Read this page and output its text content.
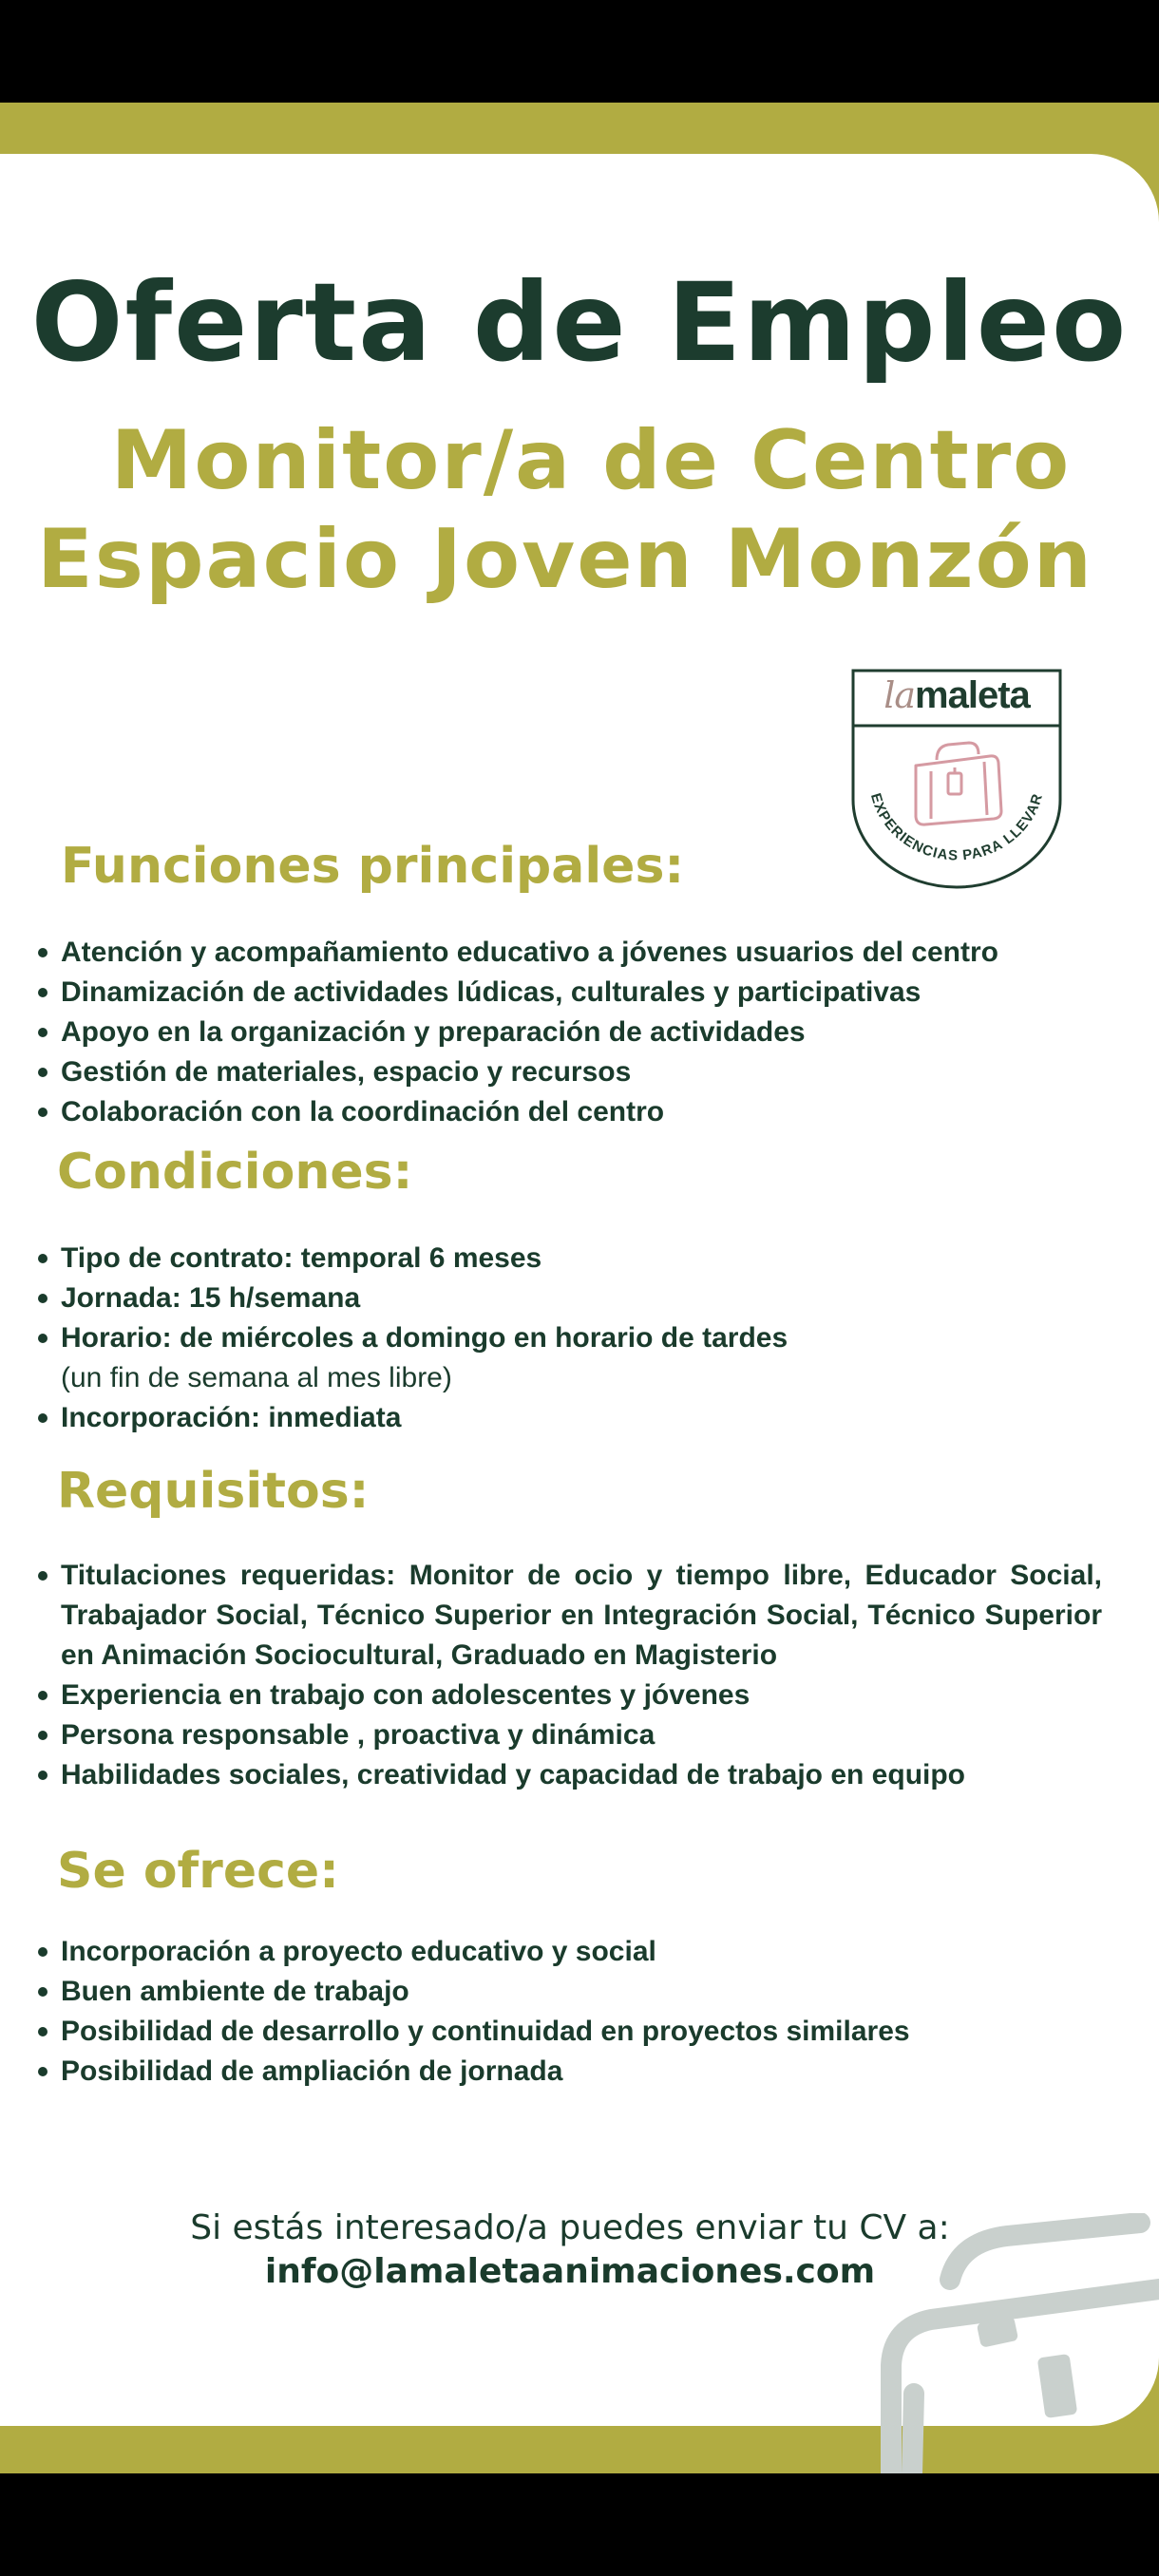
Oferta de Empleo
Monitor/a de Centro
Espacio Joven Monzón
EXPERIENCIAS PARA LLEVAR
lamaleta
Funciones principales:
Atención y acompañamiento educativo a jóvenes usuarios del centro
Dinamización de actividades lúdicas, culturales y participativas
Apoyo en la organización y preparación de actividades
Gestión de materiales, espacio y recursos
Colaboración con la coordinación del centro
Condiciones:
Tipo de contrato: temporal 6 meses
Jornada: 15 h/semana
Horario: de miércoles a domingo en horario de tardes
(un fin de semana al mes libre)
Incorporación: inmediata
Requisitos:
Titulaciones requeridas: Monitor de ocio y tiempo libre, Educador Social, Trabajador Social, Técnico Superior en Integración Social, Técnico Superior en Animación Sociocultural, Graduado en Magisterio
Experiencia en trabajo con adolescentes y jóvenes
Persona responsable , proactiva y dinámica
Habilidades sociales, creatividad y capacidad de trabajo en equipo
Se ofrece:
Incorporación a proyecto educativo y social
Buen ambiente de trabajo
Posibilidad de desarrollo y continuidad en proyectos similares
Posibilidad de ampliación de jornada

Si estás interesado/a puedes enviar tu CV a:

info@lamaletaanimaciones.com
